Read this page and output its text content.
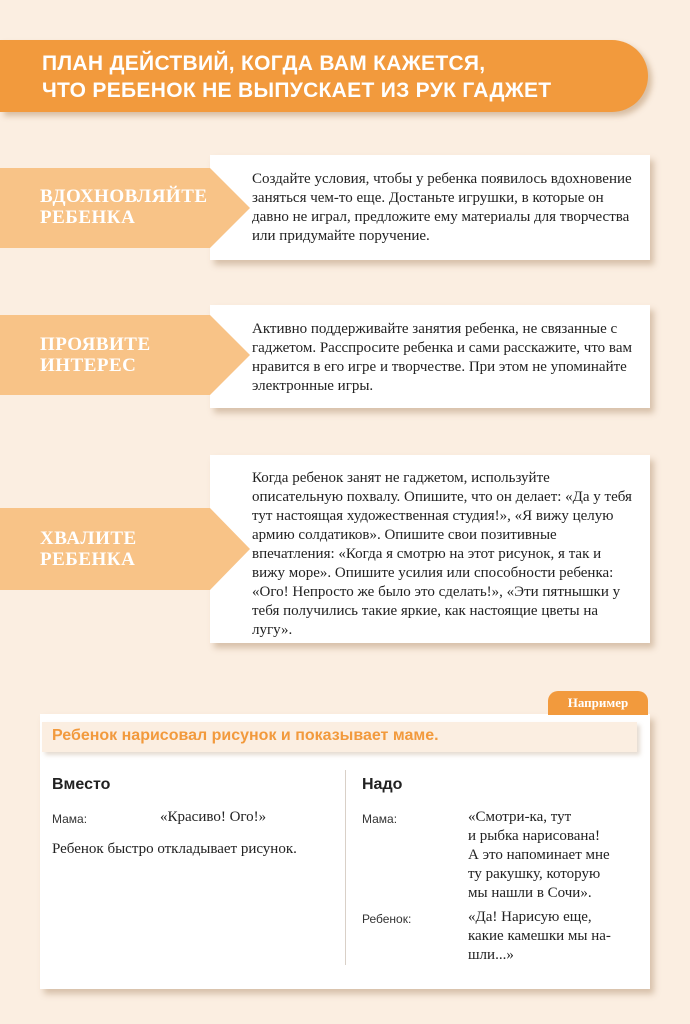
ПЛАН ДЕЙСТВИЙ, КОГДА ВАМ КАЖЕТСЯ,
ЧТО РЕБЕНОК НЕ ВЫПУСКАЕТ ИЗ РУК ГАДЖЕТ
Создайте условия, чтобы у ребенка появилось вдохновение заняться чем-то еще. Достаньте игрушки, в которые он давно не играл, предложите ему материалы для творчества или придумайте поручение.
ВДОХНОВЛЯЙТЕ
РЕБЕНКА
Активно поддерживайте занятия ребенка, не связанные с гаджетом. Расспросите ребенка и сами расскажите, что вам нравится в его игре и творчестве. При этом не упоминайте электронные игры.
ПРОЯВИТЕ
ИНТЕРЕС
Когда ребенок занят не гаджетом, используйте описательную похвалу. Опишите, что он делает: «Да у тебя тут настоящая художественная студия!», «Я вижу целую армию солдатиков». Опишите свои позитивные впечатления: «Когда я смотрю на этот рисунок, я так и вижу море». Опишите усилия или способности ребенка: «Ого! Непросто же было это сделать!», «Эти пятнышки у тебя получились такие яркие, как настоящие цветы на лугу».
ХВАЛИТЕ
РЕБЕНКА
Например
Ребенок нарисовал рисунок и показывает маме.
Вместо
Мама:	«Красиво! Ого!»
Ребенок быстро откладывает рисунок.
Надо
Мама:	«Смотри-ка, тут
и рыбка нарисована!
А это напоминает мне
ту ракушку, которую
мы нашли в Сочи».
Ребенок:	«Да! Нарисую еще,
какие камешки мы на-
шли...»
